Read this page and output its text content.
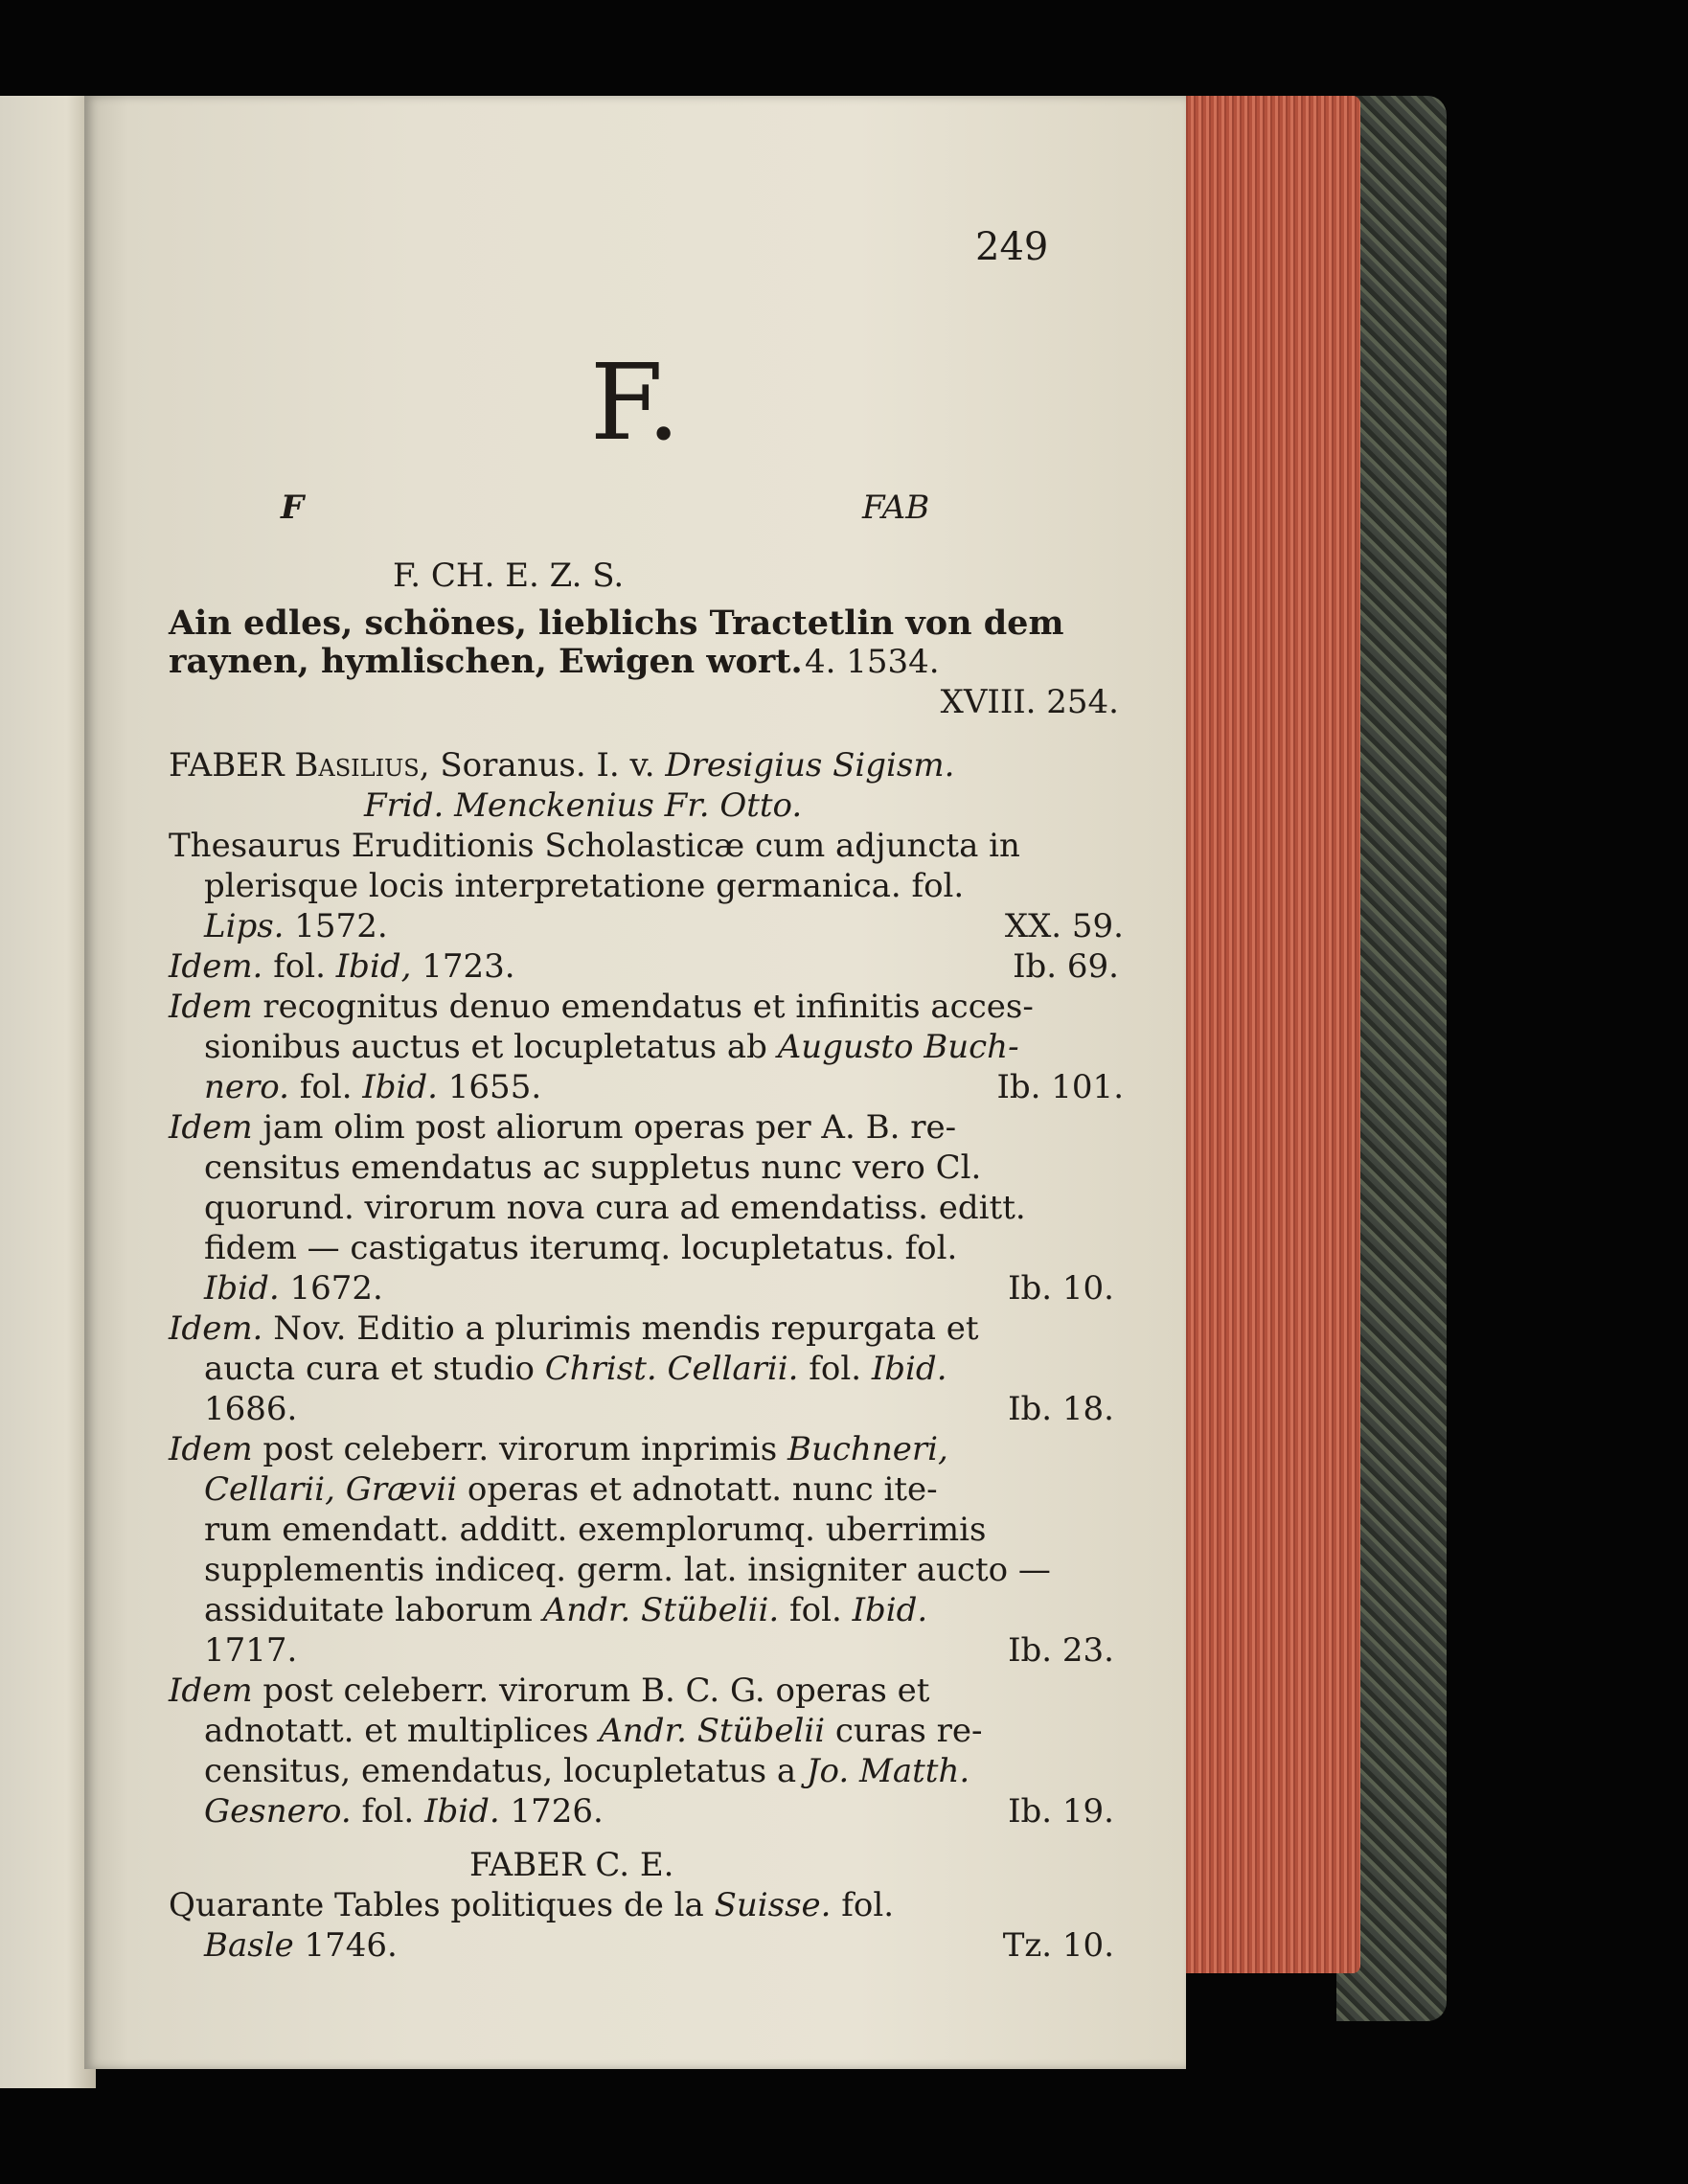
249
F.
F	FAB
F. CH. E. Z. S.
Ain edles, schönes, lieblichs Tractetlin von dem
raynen, hymlischen, Ewigen wort. 4. 1534.
XVIII. 254.
FABER Basilius, Soranus. I. v. Dresigius Sigism.
Frid. Menckenius Fr. Otto.
Thesaurus Eruditionis Scholasticæ cum adjuncta in
plerisque locis interpretatione germanica. fol.
Lips. 1572.	XX. 59.
Idem. fol. Ibid, 1723.	Ib. 69.
Idem recognitus denuo emendatus et infinitis acces-
sionibus auctus et locupletatus ab Augusto Buch-
nero. fol. Ibid. 1655.	Ib. 101.
Idem jam olim post aliorum operas per A. B. re-
censitus emendatus ac suppletus nunc vero Cl.
quorund. virorum nova cura ad emendatiss. editt.
fidem — castigatus iterumq. locupletatus. fol.
Ibid. 1672.	Ib. 10.
Idem. Nov. Editio a plurimis mendis repurgata et
aucta cura et studio Christ. Cellarii. fol. Ibid.
1686.	Ib. 18.
Idem post celeberr. virorum inprimis Buchneri,
Cellarii, Grævii operas et adnotatt. nunc ite-
rum emendatt. additt. exemplorumq. uberrimis
supplementis indiceq. germ. lat. insigniter aucto —
assiduitate laborum Andr. Stübelii. fol. Ibid.
1717.	Ib. 23.
Idem post celeberr. virorum B. C. G. operas et
adnotatt. et multiplices Andr. Stübelii curas re-
censitus, emendatus, locupletatus a Jo. Matth.
Gesnero. fol. Ibid. 1726.	Ib. 19.
FABER C. E.
Quarante Tables politiques de la Suisse. fol.
Basle 1746.	Tz. 10.
